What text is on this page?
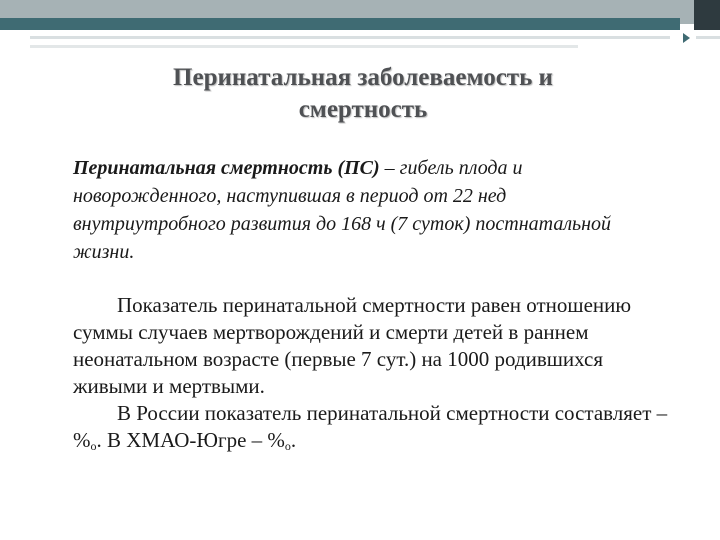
Перинатальная заболеваемость и
смертность

Перинатальная смертность (ПС) – гибель плода и новорожденного, наступившая в период от 22 нед внутриутробного развития до 168 ч (7 суток) постнатальной жизни.

Показатель перинатальной смертности равен отношению суммы случаев мертворождений и смерти детей в раннем неонатальном возрасте (первые 7 сут.) на 1000 родившихся живыми и мертвыми.

В России показатель перинатальной смертности составляет – %о. В ХМАО-Югре – %о.
